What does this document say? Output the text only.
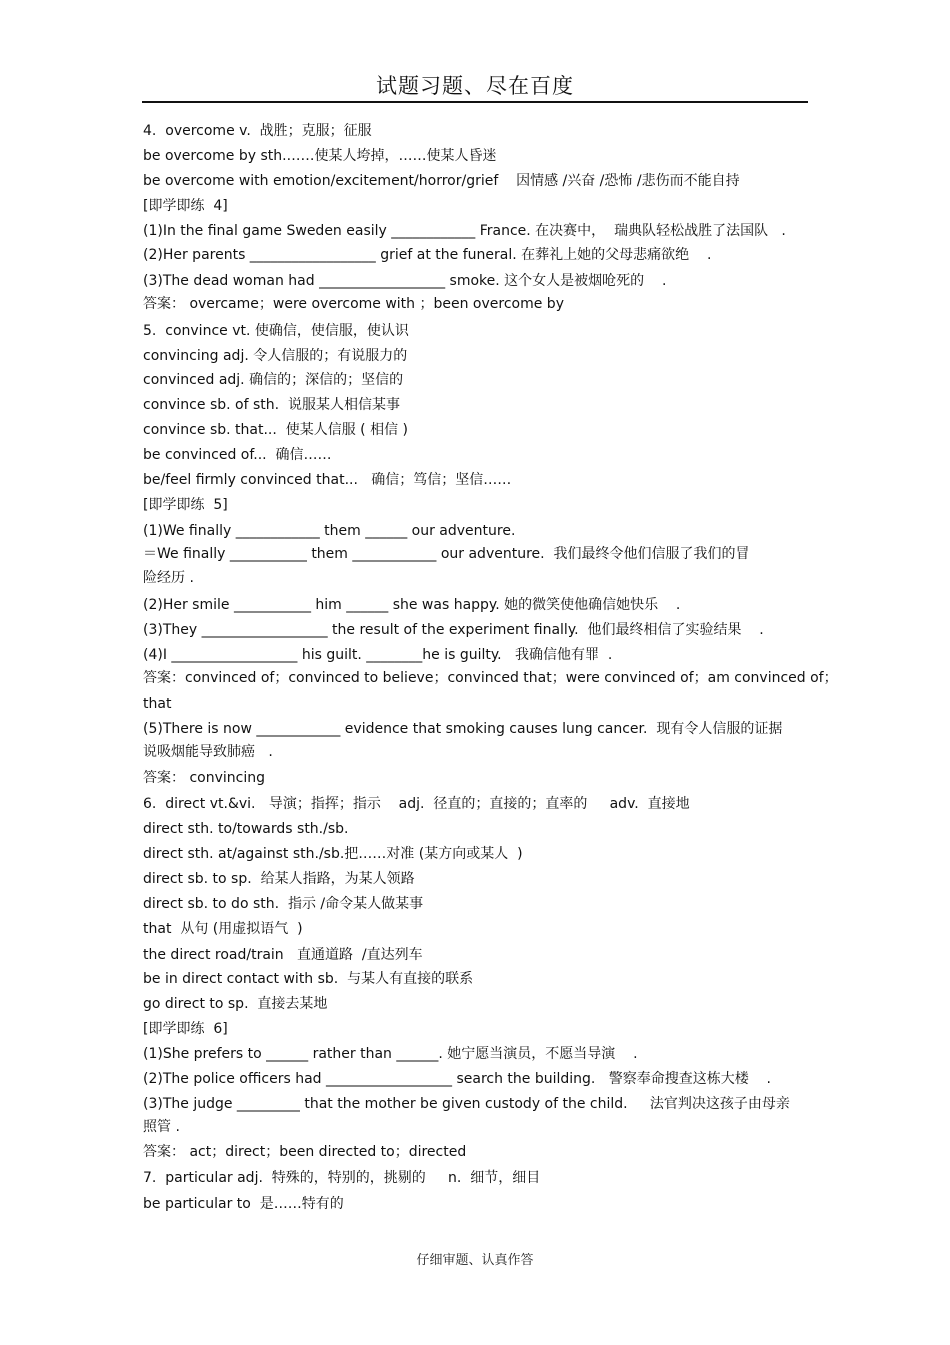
试题习题、尽在百度
4.  overcome v.  战胜；克服；征服
be overcome by sth.……使某人垮掉，……使某人昏迷
be overcome with emotion/excitement/horror/grief    因情感 /兴奋 /恐怖 /悲伤而不能自持
[即学即练  4]
(1)In the final game Sweden easily ____________ France. 在决赛中，  瑞典队轻松战胜了法国队   .
(2)Her parents __________________ grief at the funeral. 在葬礼上她的父母悲痛欲绝    .
(3)The dead woman had __________________ smoke. 这个女人是被烟呛死的    .
答案： overcame；were overcome with ；been overcome by
5.  convince vt. 使确信，使信服，使认识
convincing adj. 令人信服的；有说服力的
convinced adj. 确信的；深信的；坚信的
convince sb. of sth.  说服某人相信某事
convince sb. that...  使某人信服 ( 相信 )
be convinced of...  确信……
be/feel firmly convinced that...   确信；笃信；坚信……
[即学即练  5]
(1)We finally ____________ them ______ our adventure.
＝We finally ___________ them ____________ our adventure.  我们最终令他们信服了我们的冒
险经历 .
(2)Her smile ___________ him ______ she was happy. 她的微笑使他确信她快乐    .
(3)They __________________ the result of the experiment finally.  他们最终相信了实验结果    .
(4)I __________________ his guilt. ________he is guilty.   我确信他有罪  .
答案：convinced of；convinced to believe；convinced that；were convinced of；am convinced of；
that
(5)There is now ____________ evidence that smoking causes lung cancer.  现有令人信服的证据
说吸烟能导致肺癌   .
答案： convincing
6.  direct vt.&vi.   导演；指挥；指示    adj.  径直的；直接的；直率的     adv.  直接地
direct sth. to/towards sth./sb.
direct sth. at/against sth./sb.把……对准 (某方向或某人  )
direct sb. to sp.  给某人指路，为某人领路
direct sb. to do sth.  指示 /命令某人做某事
that  从句 (用虚拟语气  )
the direct road/train   直通道路  /直达列车
be in direct contact with sb.  与某人有直接的联系
go direct to sp.  直接去某地
[即学即练  6]
(1)She prefers to ______ rather than ______. 她宁愿当演员，不愿当导演    .
(2)The police officers had __________________ search the building.   警察奉命搜查这栋大楼    .
(3)The judge _________ that the mother be given custody of the child.     法官判决这孩子由母亲
照管 .
答案： act；direct；been directed to；directed
7.  particular adj.  特殊的，特别的，挑剔的     n.  细节，细目
be particular to  是……特有的
仔细审题、认真作答
